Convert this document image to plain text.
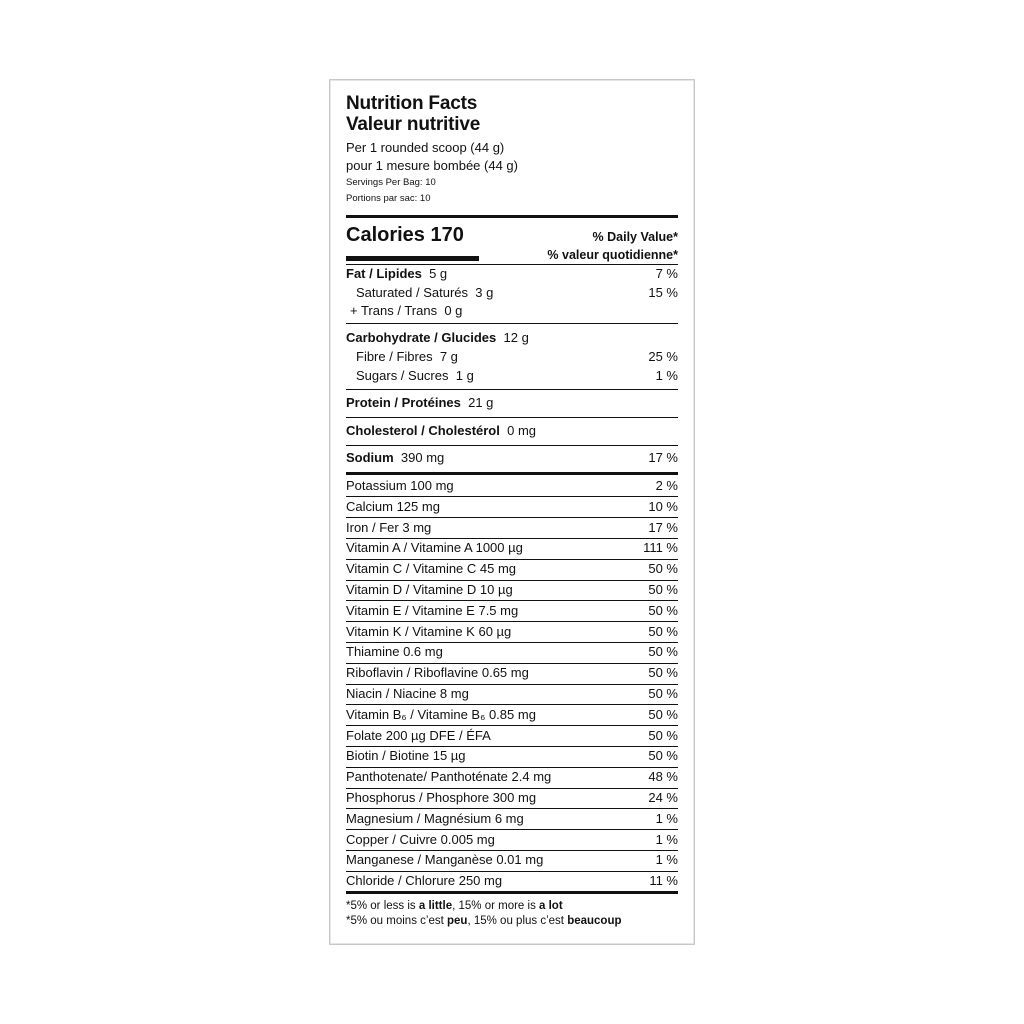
Nutrition Facts
Valeur nutritive
Per 1 rounded scoop (44 g)
pour 1 mesure bombée (44 g)
Servings Per Bag: 10
Portions par sac: 10
Calories 170	% Daily Value*
% valeur quotidienne*
Fat / Lipides 5 g	7 %
Saturated / Saturés 3 g	15 %
+ Trans / Trans 0 g
Carbohydrate / Glucides 12 g
Fibre / Fibres 7 g	25 %
Sugars / Sucres 1 g	1 %
Protein / Protéines 21 g
Cholesterol / Cholestérol 0 mg
Sodium 390 mg	17 %
Potassium 100 mg	2 %
Calcium 125 mg	10 %
Iron / Fer 3 mg	17 %
Vitamin A / Vitamine A 1000 µg	111 %
Vitamin C / Vitamine C 45 mg	50 %
Vitamin D / Vitamine D 10 µg	50 %
Vitamin E / Vitamine E 7.5 mg	50 %
Vitamin K / Vitamine K 60 µg	50 %
Thiamine 0.6 mg	50 %
Riboflavin / Riboflavine 0.65 mg	50 %
Niacin / Niacine 8 mg	50 %
Vitamin B₆ / Vitamine B₆ 0.85 mg	50 %
Folate 200 µg DFE / ÉFA	50 %
Biotin / Biotine 15 µg	50 %
Panthotenate/ Panthoténate 2.4 mg	48 %
Phosphorus / Phosphore 300 mg	24 %
Magnesium / Magnésium 6 mg	1 %
Copper / Cuivre 0.005 mg	1 %
Manganese / Manganèse 0.01 mg	1 %
Chloride / Chlorure 250 mg	11 %
*5% or less is a little, 15% or more is a lot
*5% ou moins c’est peu, 15% ou plus c’est beaucoup
